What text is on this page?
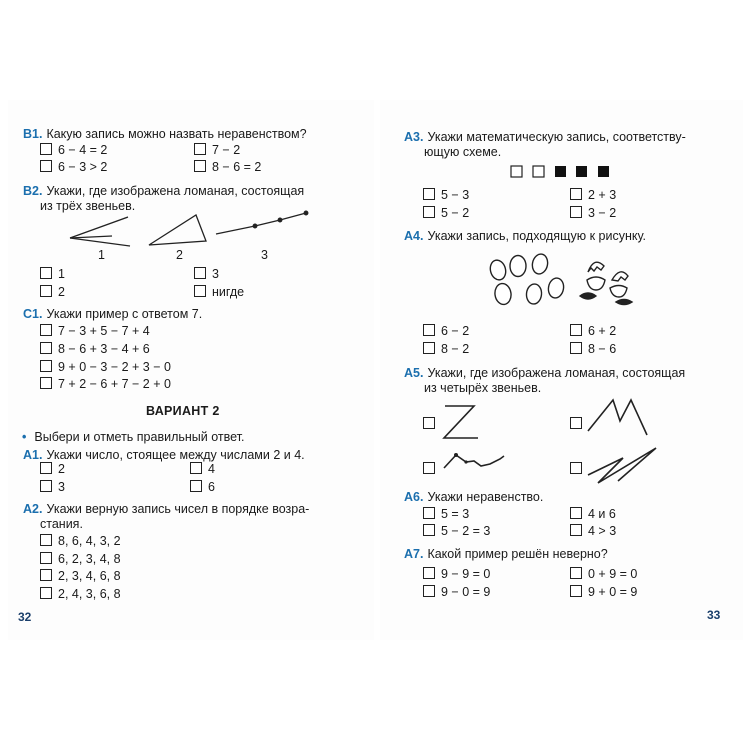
В1. Какую запись можно назвать неравенством?
6 − 4 = 2	7 − 2
6 − 3 > 2	8 − 6 = 2
В2. Укажи, где изображена ломаная, состоящая
из трёх звеньев.
1	2	3
1	3
2	нигде
С1. Укажи пример с ответом 7.
7 − 3 + 5 − 7 + 4
8 − 6 + 3 − 4 + 6
9 + 0 − 3 − 2 + 3 − 0
7 + 2 − 6 + 7 − 2 + 0
ВАРИАНТ 2
• Выбери и отметь правильный ответ.
А1. Укажи число, стоящее между числами 2 и 4.
2	4
3	6
А2. Укажи верную запись чисел в порядке возра-
стания.
8, 6, 4, 3, 2
6, 2, 3, 4, 8
2, 3, 4, 6, 8
2, 4, 3, 6, 8
32
А3. Укажи математическую запись, соответству-
ющую схеме.
5 − 3	2 + 3
5 − 2	3 − 2
А4. Укажи запись, подходящую к рисунку.
6 − 2	6 + 2
8 − 2	8 − 6
А5. Укажи, где изображена ломаная, состоящая
из четырёх звеньев.
А6. Укажи неравенство.
5 = 3	4 и 6
5 − 2 = 3	4 > 3
А7. Какой пример решён неверно?
9 − 9 = 0	0 + 9 = 0
9 − 0 = 9	9 + 0 = 9
33
